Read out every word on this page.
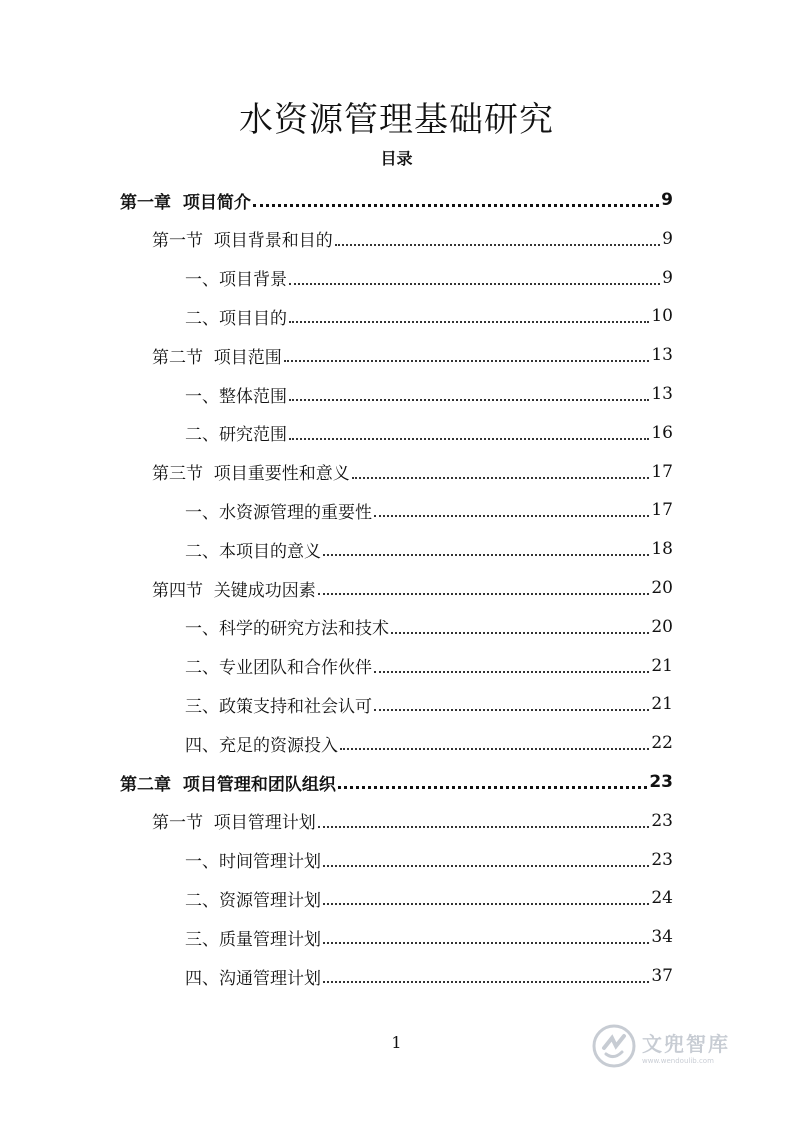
水资源管理基础研究
目录
第一章  项目简介	9
第一节  项目背景和目的	9
一、项目背景	9
二、项目目的	10
第二节  项目范围	13
一、整体范围	13
二、研究范围	16
第三节  项目重要性和意义	17
一、水资源管理的重要性	17
二、本项目的意义	18
第四节  关键成功因素	20
一、科学的研究方法和技术	20
二、专业团队和合作伙伴	21
三、政策支持和社会认可	21
四、充足的资源投入	22
第二章  项目管理和团队组织	23
第一节  项目管理计划	23
一、时间管理计划	23
二、资源管理计划	24
三、质量管理计划	34
四、沟通管理计划	37
1	文兜智库
www.wendoulib.com
